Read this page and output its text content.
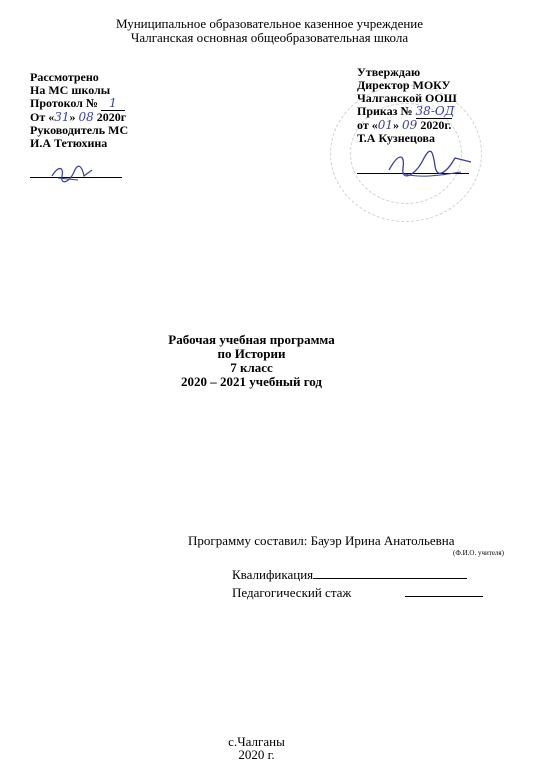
Муниципальное образовательное казенное учреждение
Чалганская основная общеобразовательная школа
Рассмотрено
На МС школы
Протокол № 1
От «31» 08 2020г
Руководитель МС
И.А Тетюхина
Утверждаю
Директор МОКУ
Чалганской ООШ
Приказ № 38-ОД
от «01» 09 2020г.
Т.А Кузнецова
Рабочая учебная программа
по Истории
7 класс
2020 – 2021 учебный год
Программу составил: Бауэр Ирина Анатольевна
(Ф.И.О. учителя)
Квалификация
Педагогический стаж
с.Чалганы
2020 г.
